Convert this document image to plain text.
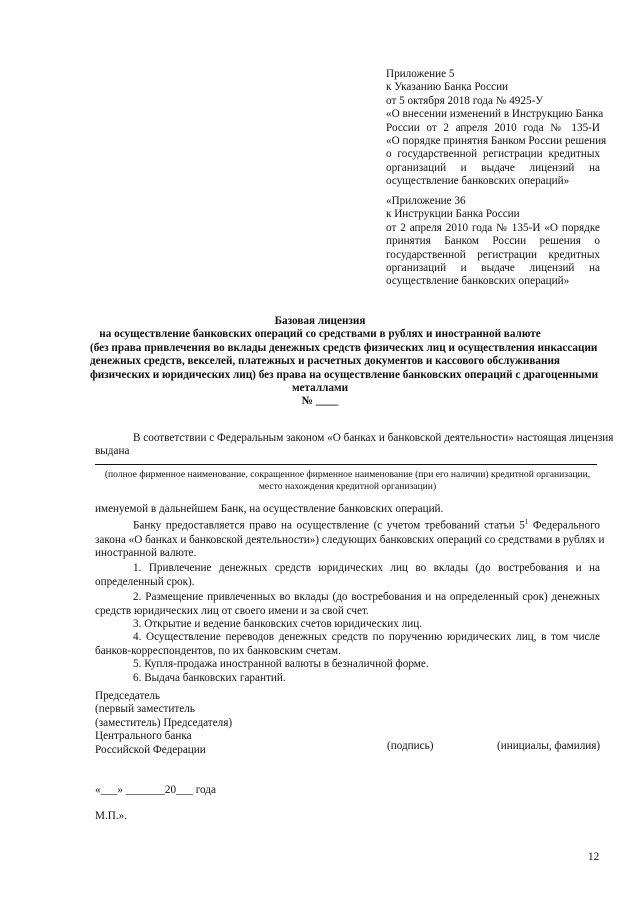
Приложение 5
к Указанию Банка России
от 5 октября 2018 года № 4925-У
«О внесении изменений в Инструкцию Банка
России от 2 апреля 2010 года № 135-И
«О порядке принятия Банком России решения
о государственной регистрации кредитных
организаций и выдаче лицензий на
осуществление банковских операций»
«Приложение 36
к Инструкции Банка России
от 2 апреля 2010 года № 135-И «О порядке
принятия Банком России решения о
государственной регистрации кредитных
организаций и выдаче лицензий на
осуществление банковских операций»
Базовая лицензия
на осуществление банковских операций со средствами в рублях и иностранной валюте
(без права привлечения во вклады денежных средств физических лиц и осуществления инкассации
денежных средств, векселей, платежных и расчетных документов и кассового обслуживания
физических и юридических лиц) без права на осуществление банковских операций с драгоценными
металлами
№ ____
В соответствии с Федеральным законом «О банках и банковской деятельности» настоящая лицензия
выдана
(полное фирменное наименование, сокращенное фирменное наименование (при его наличии) кредитной организации,
место нахождения кредитной организации)
именуемой в дальнейшем Банк, на осуществление банковских операций.
Банку предоставляется право на осуществление (с учетом требований статьи $5^1$ Федерального
закона «О банках и банковской деятельности») следующих банковских операций со средствами в рублях и
иностранной валюте.
1. Привлечение денежных средств юридических лиц во вклады (до востребования и на
определенный срок).
2. Размещение привлеченных во вклады (до востребования и на определенный срок) денежных
средств юридических лиц от своего имени и за свой счет.
3. Открытие и ведение банковских счетов юридических лиц.
4. Осуществление переводов денежных средств по поручению юридических лиц, в том числе
банков-корреспондентов, по их банковским счетам.
5. Купля-продажа иностранной валюты в безналичной форме.
6. Выдача банковских гарантий.
Председатель
(первый заместитель
(заместитель) Председателя)
Центрального банка
Российской Федерации	(подпись)	(инициалы, фамилия)
«___» _______20___ года
М.П.».
12
